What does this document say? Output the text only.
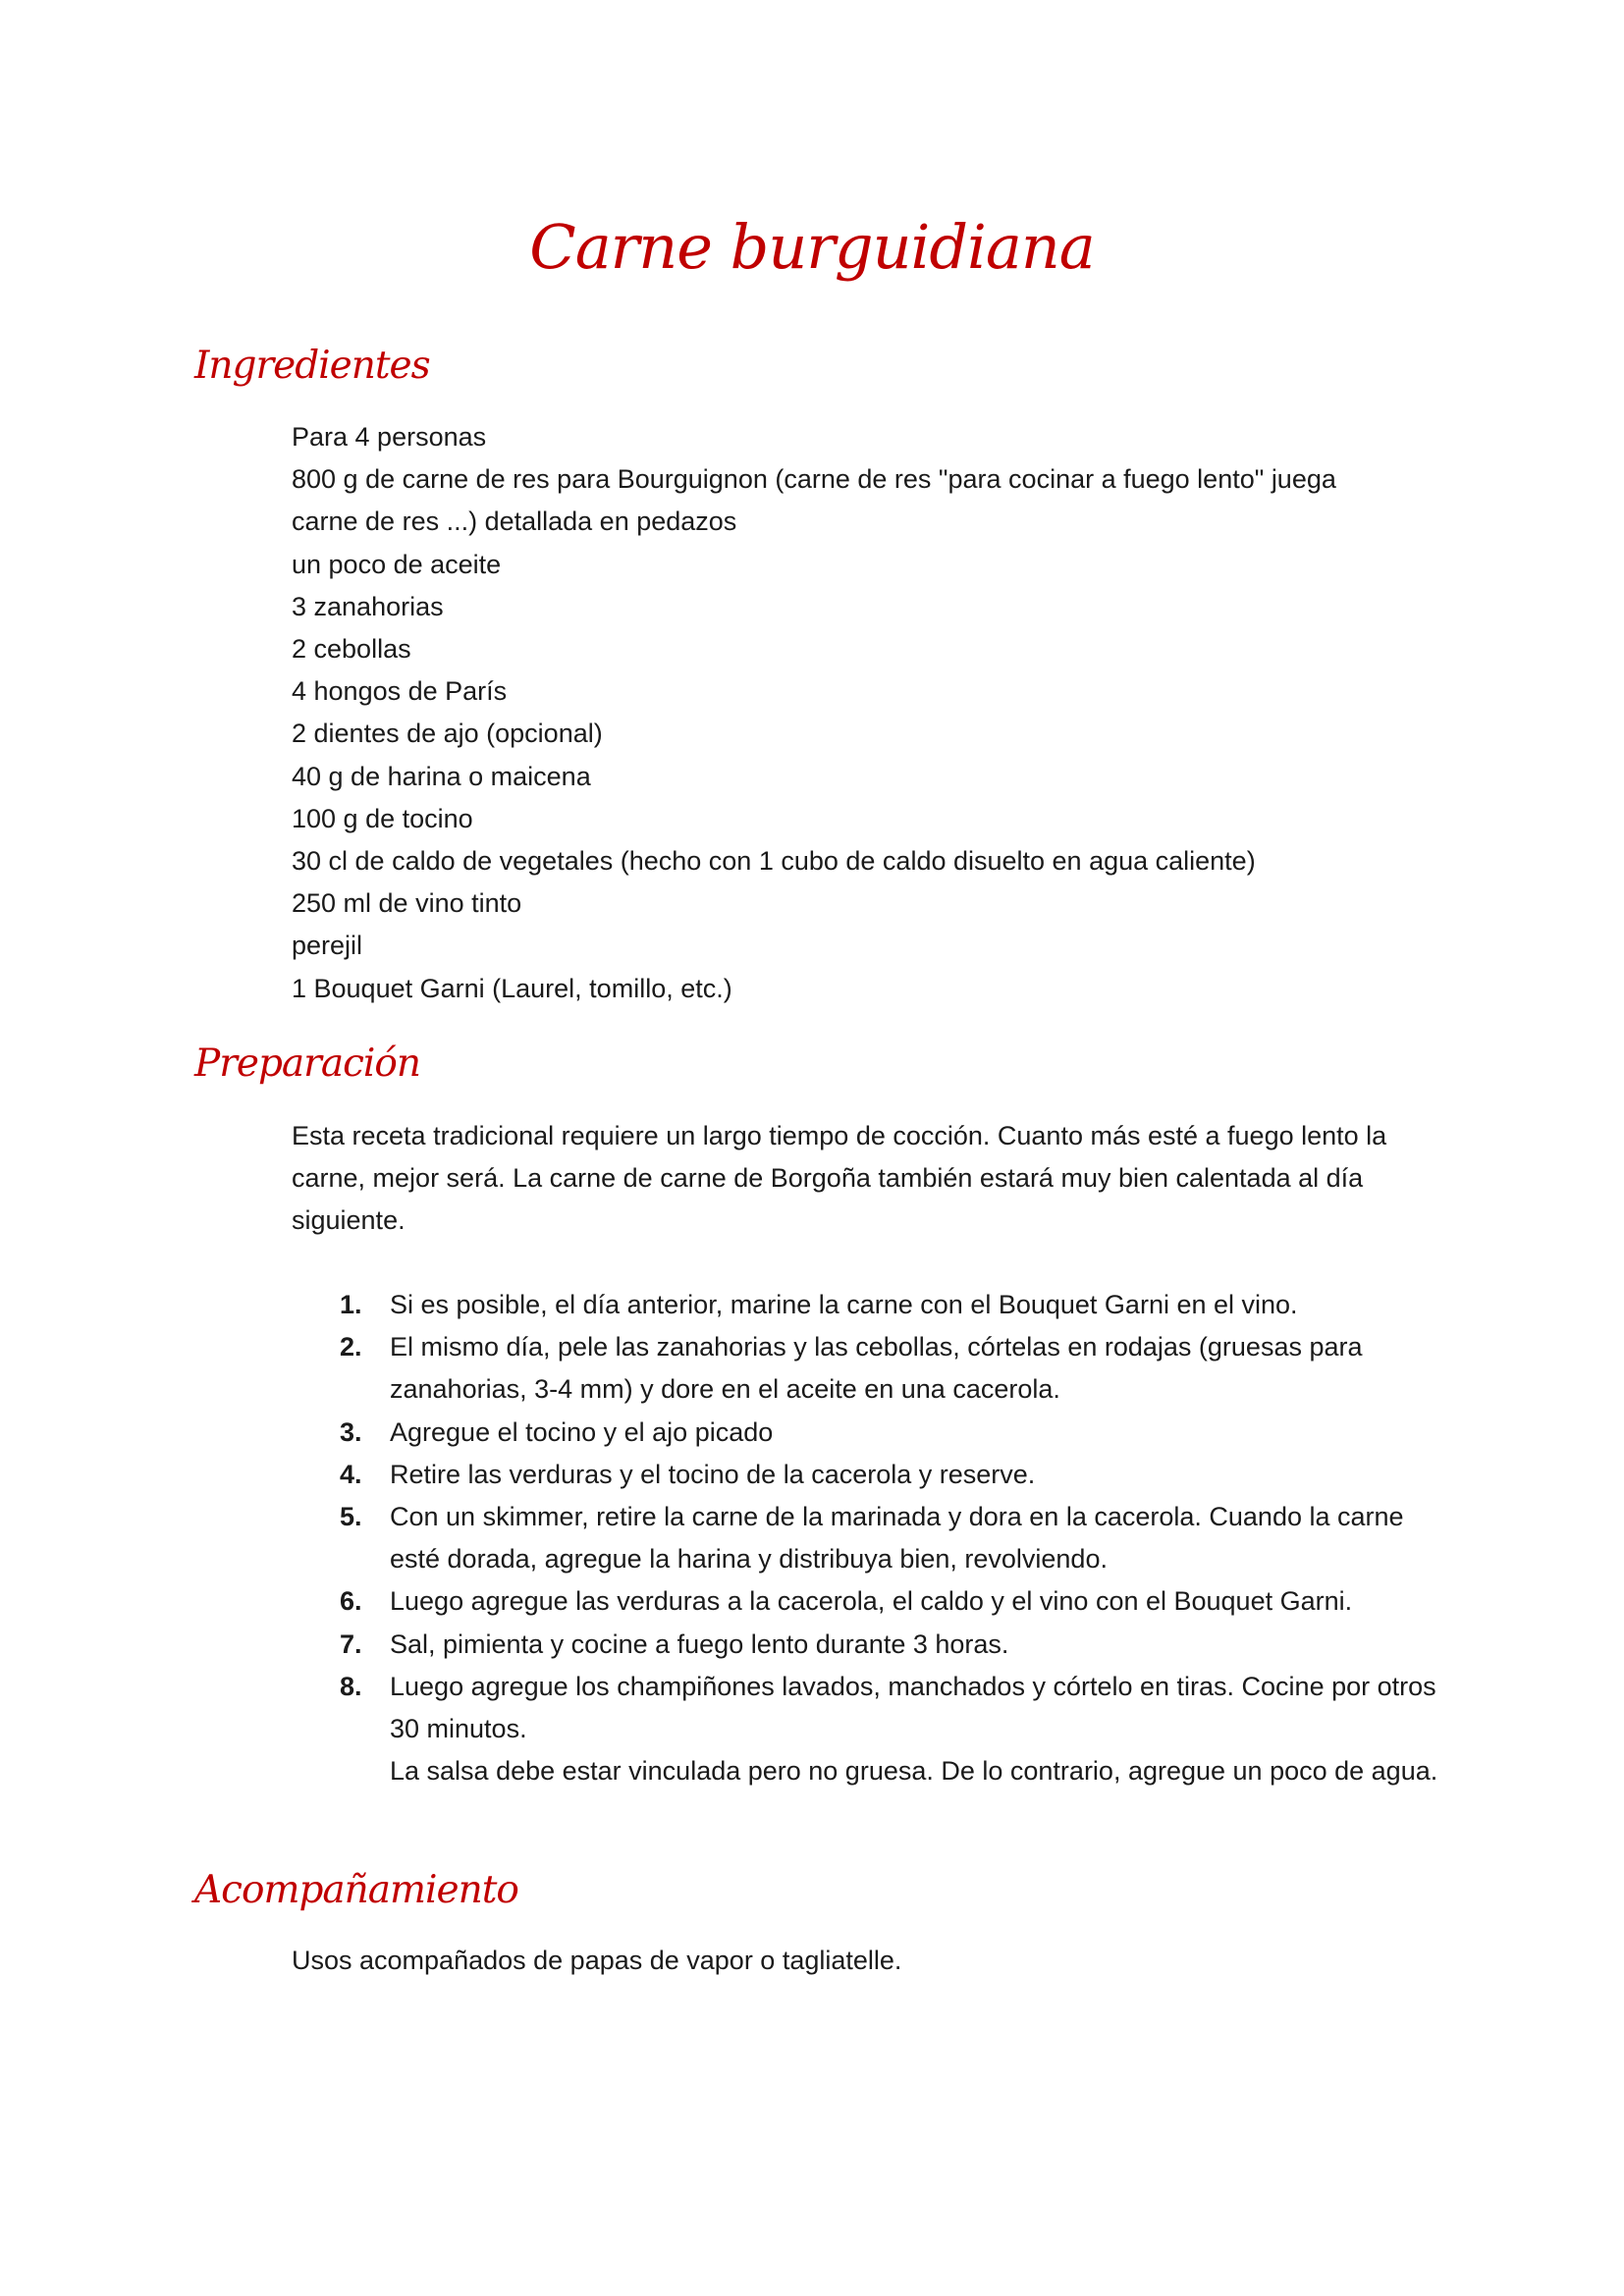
Carne burguidiana
Ingredientes
Para 4 personas
800 g de carne de res para Bourguignon (carne de res "para cocinar a fuego lento" juega
carne de res ...) detallada en pedazos
un poco de aceite
3 zanahorias
2 cebollas
4 hongos de París
2 dientes de ajo (opcional)
40 g de harina o maicena
100 g de tocino
30 cl de caldo de vegetales (hecho con 1 cubo de caldo disuelto en agua caliente)
250 ml de vino tinto
perejil
1 Bouquet Garni (Laurel, tomillo, etc.)
Preparación

Esta receta tradicional requiere un largo tiempo de cocción. Cuanto más esté a fuego lento la carne, mejor será. La carne de carne de Borgoña también estará muy bien calentada al día siguiente.

1. Si es posible, el día anterior, marine la carne con el Bouquet Garni en el vino.
2. El mismo día, pele las zanahorias y las cebollas, córtelas en rodajas (gruesas para zanahorias, 3-4 mm) y dore en el aceite en una cacerola.
3. Agregue el tocino y el ajo picado
4. Retire las verduras y el tocino de la cacerola y reserve.
5. Con un skimmer, retire la carne de la marinada y dora en la cacerola. Cuando la carne esté dorada, agregue la harina y distribuya bien, revolviendo.
6. Luego agregue las verduras a la cacerola, el caldo y el vino con el Bouquet Garni.
7. Sal, pimienta y cocine a fuego lento durante 3 horas.
8. Luego agregue los champiñones lavados, manchados y córtelo en tiras. Cocine por otros 30 minutos.
La salsa debe estar vinculada pero no gruesa. De lo contrario, agregue un poco de agua.
Acompañamiento

Usos acompañados de papas de vapor o tagliatelle.
